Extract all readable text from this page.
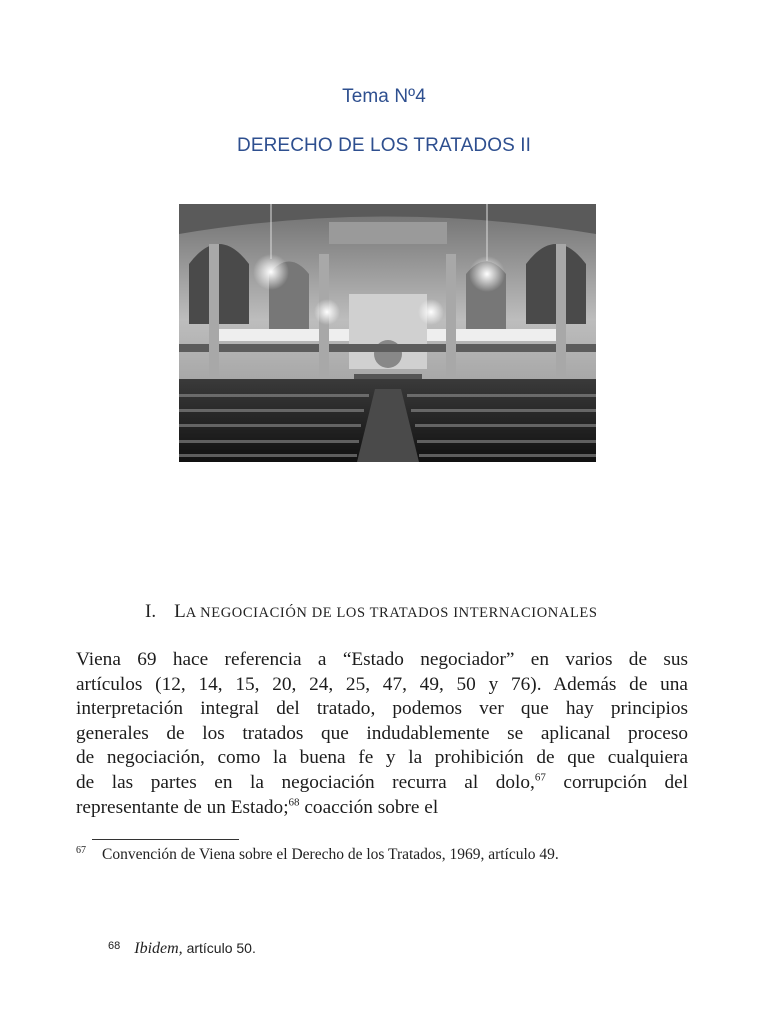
Tema Nº4
DERECHO DE LOS TRATADOS II
I. LA NEGOCIACIÓN DE LOS TRATADOS INTERNACIONALES
Viena 69 hace referencia a “Estado negociador” en varios de sus
artículos (12, 14, 15, 20, 24, 25, 47, 49, 50 y 76). Además de una
interpretación integral del tratado, podemos ver que hay principios
generales de los tratados que indudablemente se aplicanal proceso
de negociación, como la buena fe y la prohibición de que cualquiera
de las partes en la negociación recurra al dolo,$^{67}$ corrupción del
representante de un Estado;$^{68}$ coacción sobre el
$^{67}$ Convención de Viena sobre el Derecho de los Tratados, 1969, artículo 49.
$^{68}$ Ibidem, artículo 50.
